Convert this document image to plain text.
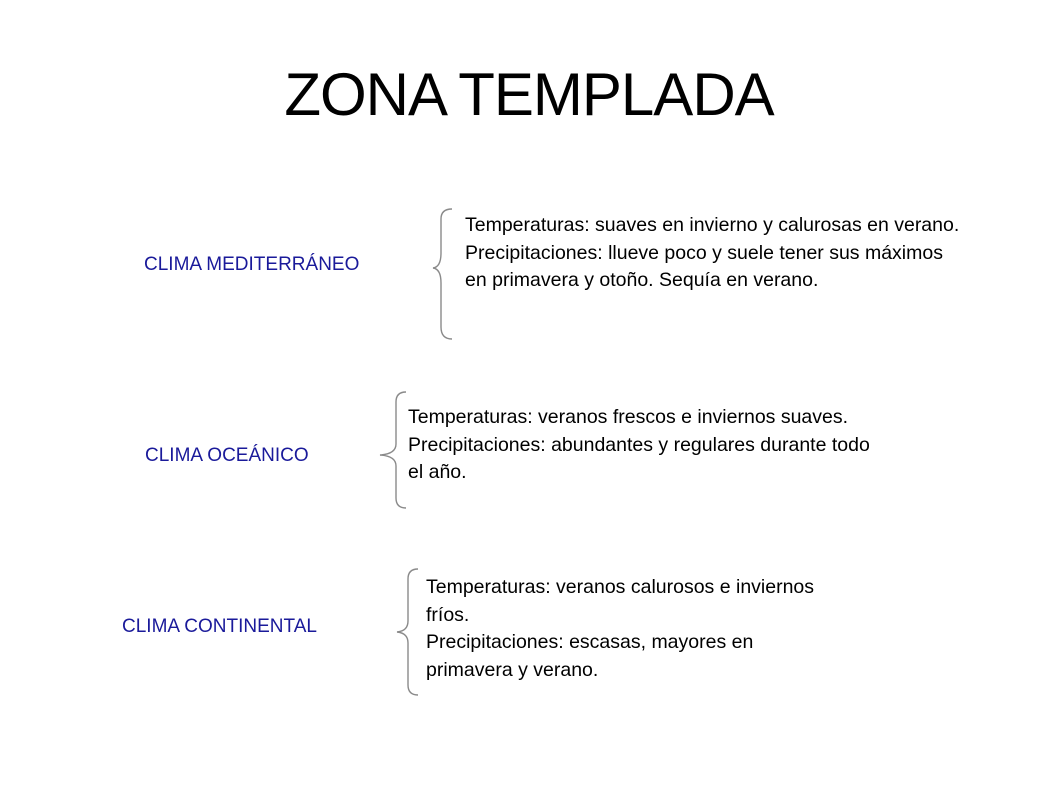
ZONA TEMPLADA
CLIMA MEDITERRÁNEO

Temperaturas: suaves en invierno y calurosas en verano.

Precipitaciones: llueve poco y suele tener sus máximos en primavera y otoño. Sequía en verano.

CLIMA OCEÁNICO

Temperaturas: veranos frescos e inviernos suaves.

Precipitaciones: abundantes y regulares durante todo el año.

CLIMA CONTINENTAL

Temperaturas: veranos calurosos e inviernos fríos.

Precipitaciones: escasas, mayores en primavera y verano.
